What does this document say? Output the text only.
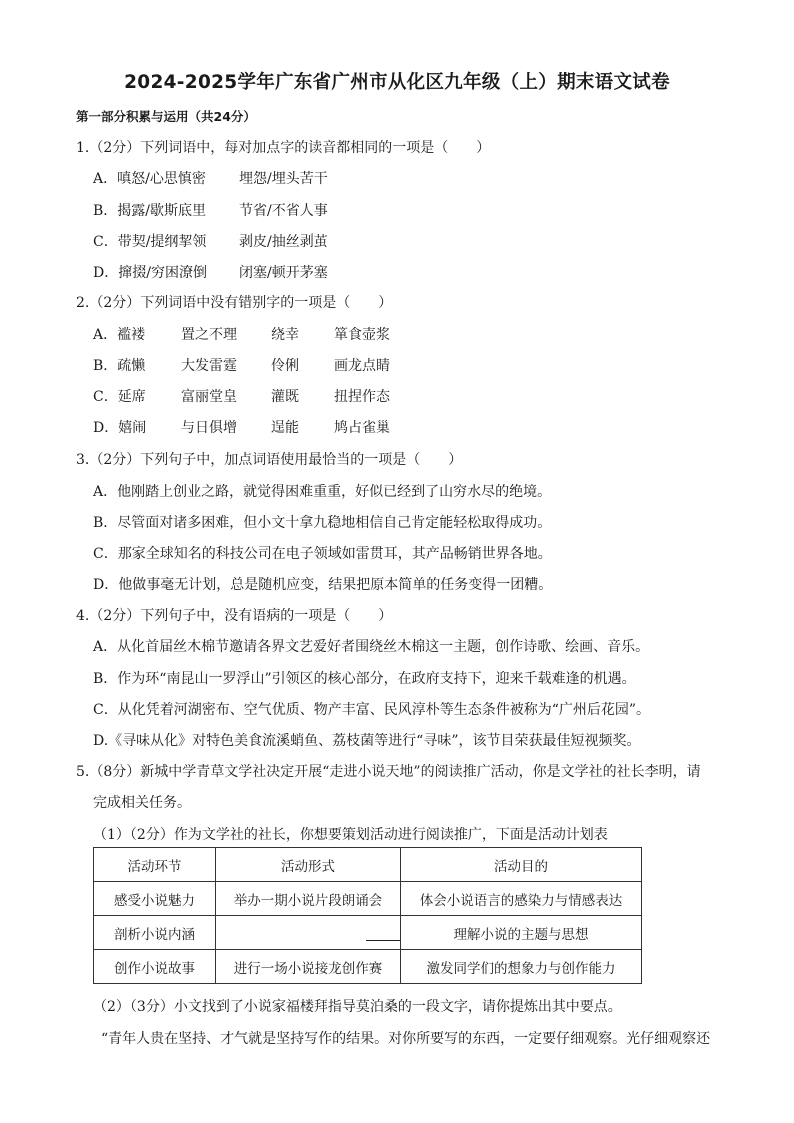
2024-2025学年广东省广州市从化区九年级（上）期末语文试卷
第一部分积累与运用（共24分）
1.（2分）下列词语中，每对加点字的读音都相同的一项是（　　）
A．嗔怒/心思慎密 埋怨/埋头苦干
B．揭露/歇斯底里 节省/不省人事
C．带契/提纲挈领 剥皮/抽丝剥茧
D．撺掇/穷困潦倒 闭塞/顿开茅塞
2.（2分）下列词语中没有错别字的一项是（　　）
A．褴褛	置之不理 绕幸	箪食壶浆
B．疏懒	大发雷霆 伶俐	画龙点睛
C．延席	富丽堂皇 灌既	扭捏作态
D．嬉闹 与日俱增 逞能	鸠占雀巢
3.（2分）下列句子中，加点词语使用最恰当的一项是（　　）
A．他刚踏上创业之路，就觉得困难重重，好似已经到了山穷水尽的绝境。
B．尽管面对诸多困难，但小文十拿九稳地相信自己肯定能轻松取得成功。
C．那家全球知名的科技公司在电子领域如雷贯耳，其产品畅销世界各地。
D．他做事毫无计划，总是随机应变，结果把原本简单的任务变得一团糟。
4.（2分）下列句子中，没有语病的一项是（　　）
A．从化首届丝木棉节邀请各界文艺爱好者围绕丝木棉这一主题，创作诗歌、绘画、音乐。
B．作为环“南昆山一罗浮山”引领区的核心部分，在政府支持下，迎来千载难逢的机遇。
C．从化凭着河湖密布、空气优质、物产丰富、民风淳朴等生态条件被称为“广州后花园”。
D.《寻味从化》对特色美食流溪蛸鱼、荔枝菌等进行“寻味”，该节目荣获最佳短视频奖。
5.（8分）新城中学青草文学社决定开展“走进小说天地”的阅读推广活动，你是文学社的社长李明，请
完成相关任务。
（1）（2分）作为文学社的社长，你想要策划活动进行阅读推广，下面是活动计划表
活动环节	活动形式	活动目的
感受小说魅力	举办一期小说片段朗诵会	体会小说语言的感染力与情感表达
剖析小说内涵		理解小说的主题与思想
创作小说故事	进行一场小说接龙创作赛	激发同学们的想象力与创作能力
（2）（3分）小文找到了小说家福楼拜指导莫泊桑的一段文字，请你提炼出其中要点。
“青年人贵在坚持、才气就是坚持写作的结果。对你所要写的东西，一定要仔细观察。光仔细观察还
